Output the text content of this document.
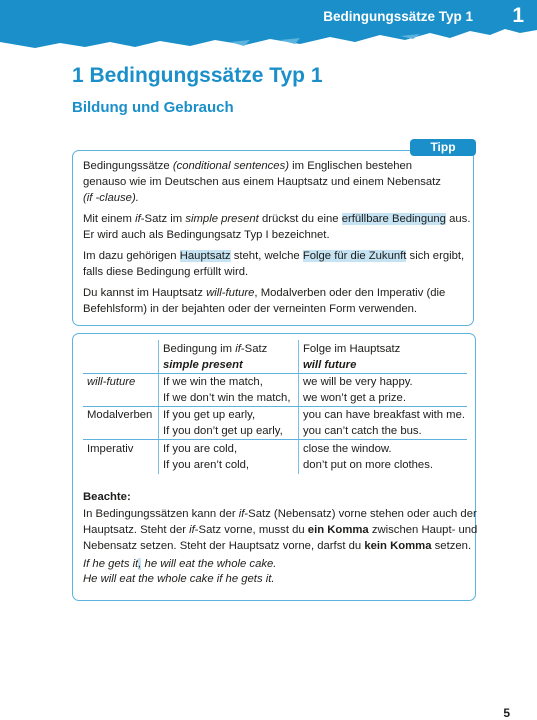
Bedingungssätze Typ 1 1
1 Bedingungssätze Typ 1
Bildung und Gebrauch
Tipp

Bedingungssätze (conditional sentences) im Englischen bestehen
genauso wie im Deutschen aus einem Hauptsatz und einem Nebensatz
(if -clause).

Mit einem if-Satz im simple present drückst du eine erfüllbare Bedingung aus.
Er wird auch als Bedingungsatz Typ I bezeichnet.

Im dazu gehörigen Hauptsatz steht, welche Folge für die Zukunft sich ergibt,
falls diese Bedingung erfüllt wird.

Du kannst im Hauptsatz will-future, Modalverben oder den Imperativ (die
Befehlsform) in der bejahten oder der verneinten Form verwenden.

Bedingung im if-Satz
simple present

Folge im Hauptsatz
will future

will-future If we win the match,

If we don’t win the match,

we will be very happy.

we won’t get a prize.

Modalverben If you get up early,

If you don’t get up early,

you can have breakfast with me.

you can’t catch the bus.

Imperativ	If you are cold,

If you aren’t cold,

close the window.

don’t put on more clothes.

Beachte:

In Bedingungssätzen kann der if-Satz (Nebensatz) vorne stehen oder auch der

Hauptsatz. Steht der if-Satz vorne, musst du ein Komma zwischen Haupt- und

Nebensatz setzen. Steht der Hauptsatz vorne, darfst du kein Komma setzen.

If he gets it, he will eat the whole cake.

He will eat the whole cake if he gets it.

5
